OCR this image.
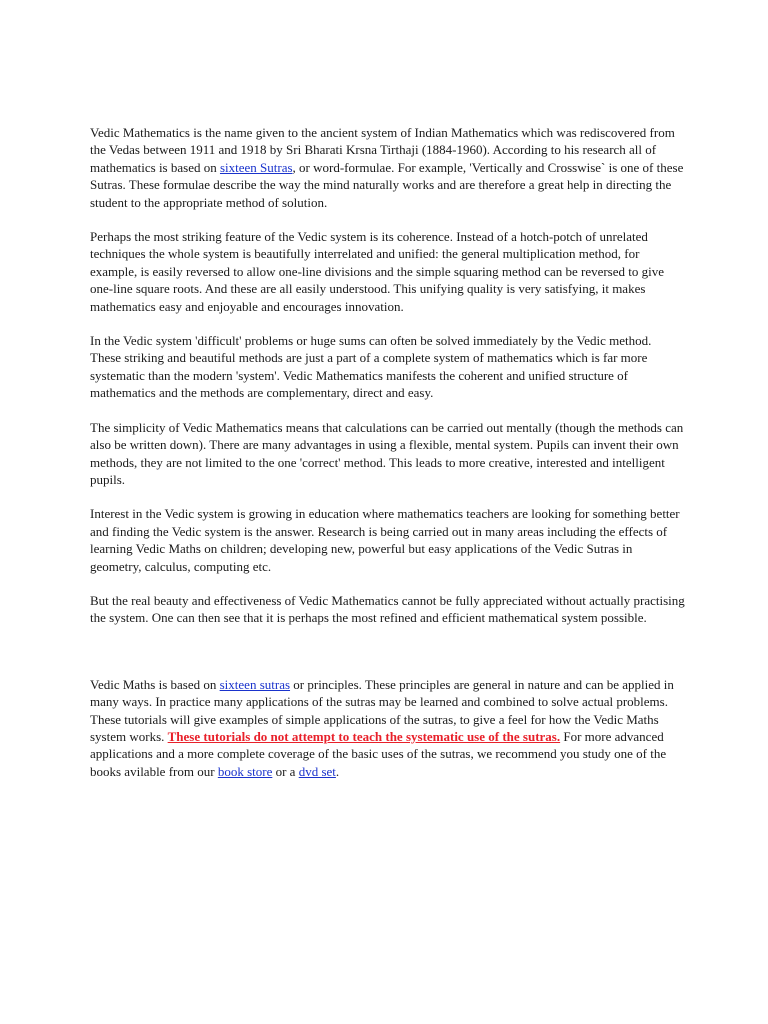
Vedic Mathematics is the name given to the ancient system of Indian Mathematics which was rediscovered from the Vedas between 1911 and 1918 by Sri Bharati Krsna Tirthaji (1884-1960). According to his research all of mathematics is based on sixteen Sutras, or word-formulae. For example, 'Vertically and Crosswise` is one of these Sutras. These formulae describe the way the mind naturally works and are therefore a great help in directing the student to the appropriate method of solution.

Perhaps the most striking feature of the Vedic system is its coherence. Instead of a hotch-potch of unrelated techniques the whole system is beautifully interrelated and unified: the general multiplication method, for example, is easily reversed to allow one-line divisions and the simple squaring method can be reversed to give one-line square roots. And these are all easily understood. This unifying quality is very satisfying, it makes mathematics easy and enjoyable and encourages innovation.

In the Vedic system 'difficult' problems or huge sums can often be solved immediately by the Vedic method. These striking and beautiful methods are just a part of a complete system of mathematics which is far more systematic than the modern 'system'. Vedic Mathematics manifests the coherent and unified structure of mathematics and the methods are complementary, direct and easy.

The simplicity of Vedic Mathematics means that calculations can be carried out mentally (though the methods can also be written down). There are many advantages in using a flexible, mental system. Pupils can invent their own methods, they are not limited to the one 'correct' method. This leads to more creative, interested and intelligent pupils.

Interest in the Vedic system is growing in education where mathematics teachers are looking for something better and finding the Vedic system is the answer. Research is being carried out in many areas including the effects of learning Vedic Maths on children; developing new, powerful but easy applications of the Vedic Sutras in geometry, calculus, computing etc.

But the real beauty and effectiveness of Vedic Mathematics cannot be fully appreciated without actually practising the system. One can then see that it is perhaps the most refined and efficient mathematical system possible.

Vedic Maths is based on sixteen sutras or principles. These principles are general in nature and can be applied in many ways. In practice many applications of the sutras may be learned and combined to solve actual problems. These tutorials will give examples of simple applications of the sutras, to give a feel for how the Vedic Maths system works. These tutorials do not attempt to teach the systematic use of the sutras. For more advanced applications and a more complete coverage of the basic uses of the sutras, we recommend you study one of the books avilable from our book store or a dvd set.
